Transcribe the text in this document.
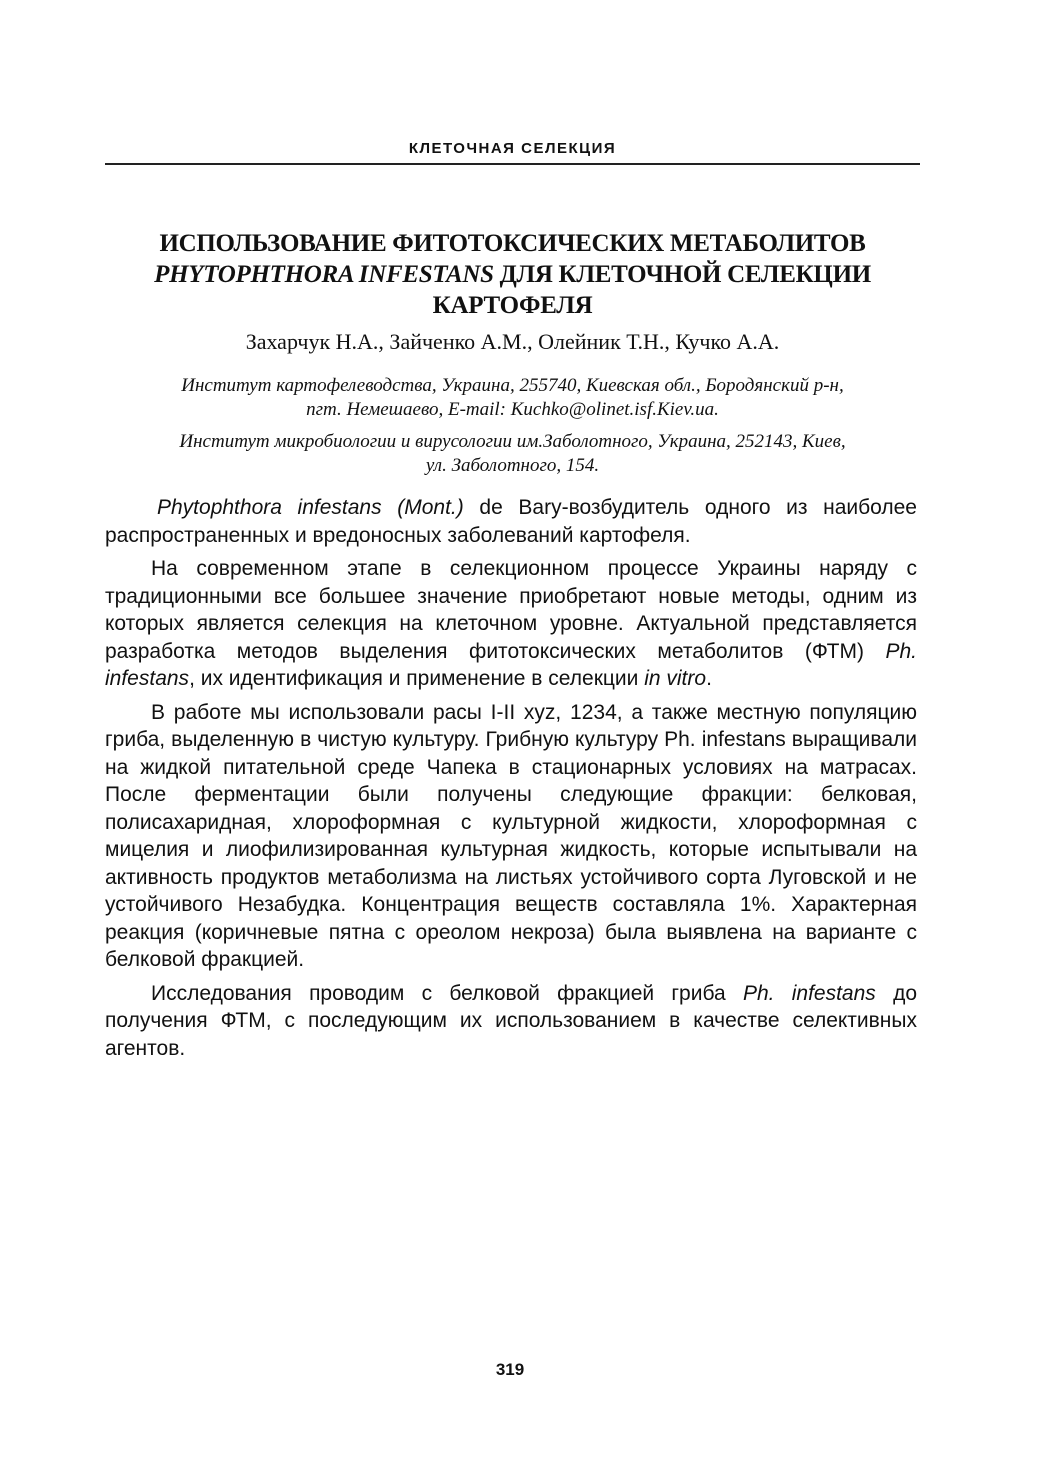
КЛЕТОЧНАЯ СЕЛЕКЦИЯ
ИСПОЛЬЗОВАНИЕ ФИТОТОКСИЧЕСКИХ МЕТАБОЛИТОВ
PHYTOPHTHORA INFESTANS ДЛЯ КЛЕТОЧНОЙ СЕЛЕКЦИИ
КАРТОФЕЛЯ
Захарчук Н.А., Зайченко А.М., Олейник Т.Н., Кучко А.А.
Институт картофелеводства, Украина, 255740, Киевская обл., Бородянский р-н,
пгт. Немешаево, E-mail: Kuchko@olinet.isf.Kiev.ua.
Институт микробиологии и вирусологии им.Заболотного, Украина, 252143, Киев,
ул. Заболотного, 154.

Phytophthora infestans (Mont.) de Bary-возбудитель одного из наиболее распространенных и вредоносных заболеваний картофеля.

На современном этапе в селекционном процессе Украины наряду с традиционными все большее значение приобретают новые методы, одним из которых является селекция на клеточном уровне. Актуальной представляется разработка методов выделения фитотоксических метаболитов (ФТМ) Ph. infestans, их идентификация и применение в селекции in vitro.

В работе мы использовали расы I-II xyz, 1234, а также местную популяцию гриба, выделенную в чистую культуру. Грибную культуру Ph. infestans выращивали на жидкой питательной среде Чапека в стационарных условиях на матрасах. После ферментации были получены следующие фракции: белковая, полисахаридная, хлороформная с культурной жидкости, хлороформная с мицелия и лиофилизированная культурная жидкость, которые испытывали на активность продуктов метаболизма на листьях устойчивого сорта Луговской и не устойчивого Незабудка. Концентрация веществ составляла 1%. Характерная реакция (коричневые пятна с ореолом некроза) была выявлена на варианте с белковой фракцией.

Исследования проводим с белковой фракцией гриба Ph. infestans до получения ФТМ, с последующим их использованием в качестве селективных агентов.

319
